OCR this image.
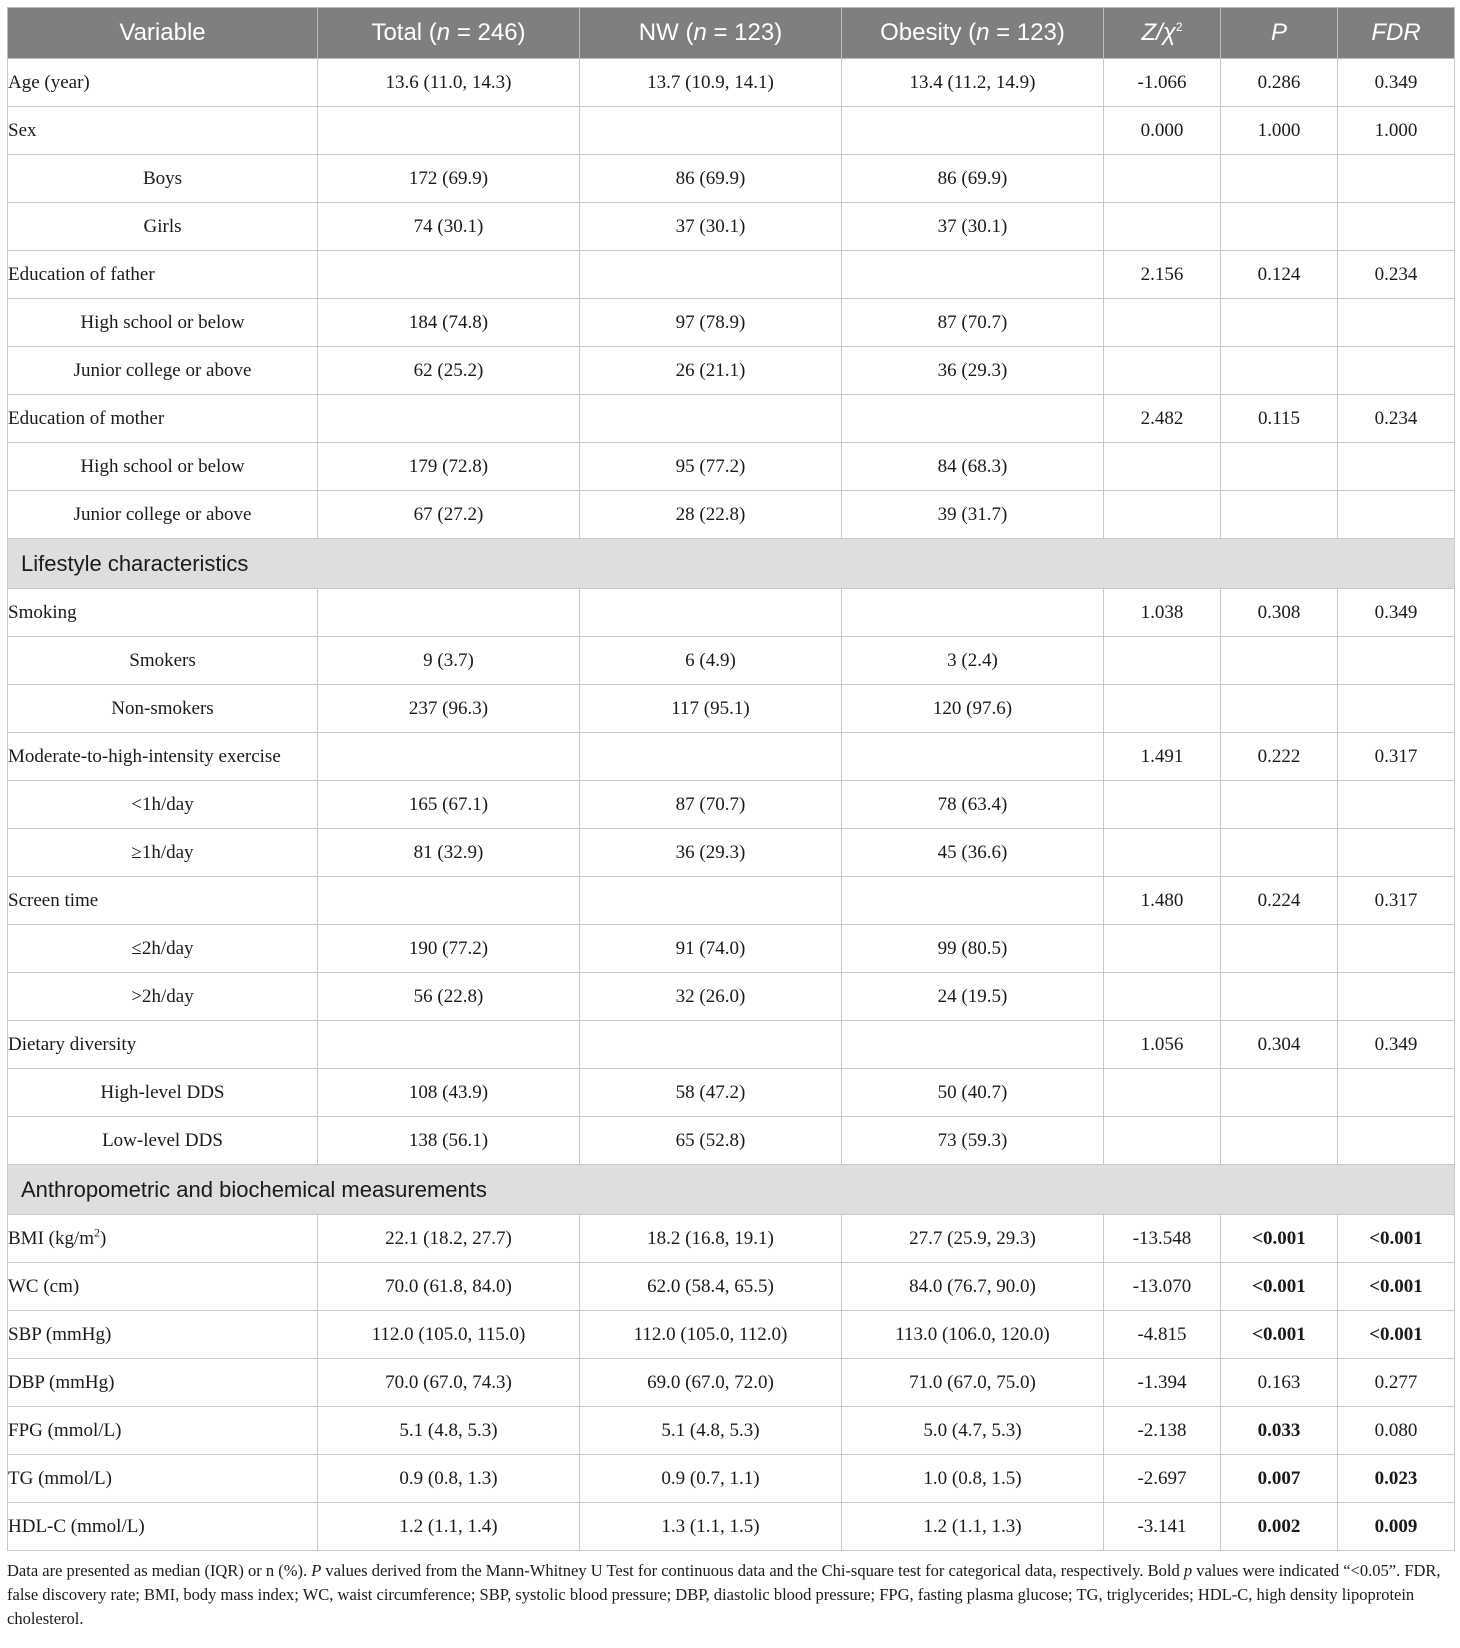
Variable	Total (n = 246)	NW (n = 123)	Obesity (n = 123)	$Z/\chi^2$	P	FDR
Age (year)	13.6 (11.0, 14.3)	13.7 (10.9, 14.1)	13.4 (11.2, 14.9)	-1.066	0.286	0.349
Sex				0.000	1.000	1.000
Boys	172 (69.9)	86 (69.9)	86 (69.9)			
Girls	74 (30.1)	37 (30.1)	37 (30.1)			
Education of father				2.156	0.124	0.234
High school or below	184 (74.8)	97 (78.9)	87 (70.7)			
Junior college or above	62 (25.2)	26 (21.1)	36 (29.3)			
Education of mother				2.482	0.115	0.234
High school or below	179 (72.8)	95 (77.2)	84 (68.3)			
Junior college or above	67 (27.2)	28 (22.8)	39 (31.7)			
Lifestyle characteristics						
Smoking				1.038	0.308	0.349
Smokers	9 (3.7)	6 (4.9)	3 (2.4)			
Non-smokers	237 (96.3)	117 (95.1)	120 (97.6)			
Moderate-to-high-intensity exercise				1.491	0.222	0.317
<1h/day	165 (67.1)	87 (70.7)	78 (63.4)			
≥1h/day	81 (32.9)	36 (29.3)	45 (36.6)			
Screen time				1.480	0.224	0.317
≤2h/day	190 (77.2)	91 (74.0)	99 (80.5)			
>2h/day	56 (22.8)	32 (26.0)	24 (19.5)			
Dietary diversity				1.056	0.304	0.349
High-level DDS	108 (43.9)	58 (47.2)	50 (40.7)			
Low-level DDS	138 (56.1)	65 (52.8)	73 (59.3)			
Anthropometric and biochemical measurements						
BMI $(kg/m^2)$	22.1 (18.2, 27.7)	18.2 (16.8, 19.1)	27.7 (25.9, 29.3)	-13.548	<0.001	<0.001
WC (cm)	70.0 (61.8, 84.0)	62.0 (58.4, 65.5)	84.0 (76.7, 90.0)	-13.070	<0.001	<0.001
SBP (mmHg)	112.0 (105.0, 115.0)	112.0 (105.0, 112.0)	113.0 (106.0, 120.0)	-4.815	<0.001	<0.001
DBP (mmHg)	70.0 (67.0, 74.3)	69.0 (67.0, 72.0)	71.0 (67.0, 75.0)	-1.394	0.163	0.277
FPG (mmol/L)	5.1 (4.8, 5.3)	5.1 (4.8, 5.3)	5.0 (4.7, 5.3)	-2.138	0.033	0.080
TG (mmol/L)	0.9 (0.8, 1.3)	0.9 (0.7, 1.1)	1.0 (0.8, 1.5)	-2.697	0.007	0.023
HDL-C (mmol/L)	1.2 (1.1, 1.4)	1.3 (1.1, 1.5)	1.2 (1.1, 1.3)	-3.141	0.002	0.009
Data are presented as median (IQR) or n (%). P values derived from the Mann-Whitney U Test for continuous data and the Chi-square test for categorical data, respectively. Bold p values were indicated “<0.05”. FDR, false discovery rate; BMI, body mass index; WC, waist circumference; SBP, systolic blood pressure; DBP, diastolic blood pressure; FPG, fasting plasma glucose; TG, triglycerides; HDL-C, high density lipoprotein cholesterol.
